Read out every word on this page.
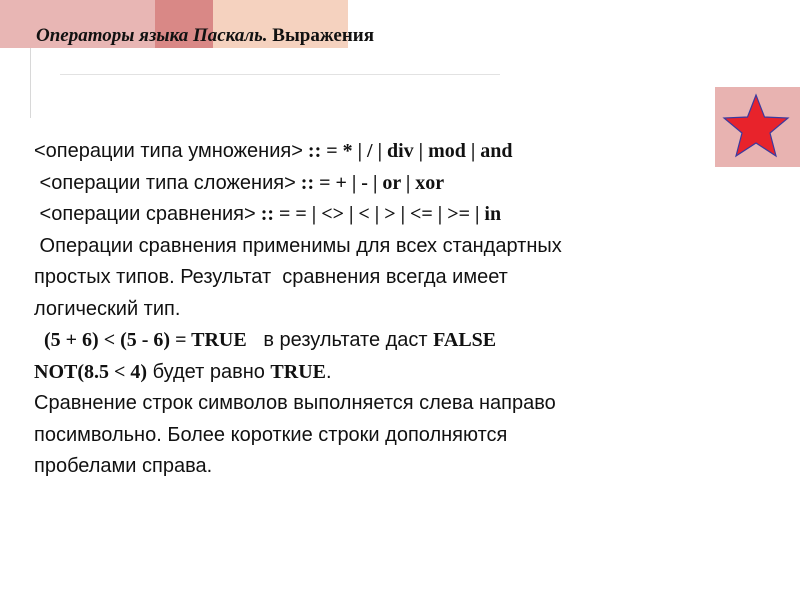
Операторы языка Паскаль. Выражения
<операции типа умножения> :: = * | / | div | mod | and
<операции типа сложения> :: = + | - | or | xor
<операции сравнения> :: = = | <> | < | > | <= | >= | in
Операции сравнения применимы для всех стандартных
простых типов. Результат  сравнения всегда имеет
логический тип.
(5 + 6) < (5 - 6) = TRUE   в результате даст FALSE
NOT(8.5 < 4) будет равно TRUE.
Сравнение строк символов выполняется слева направо
посимвольно. Более короткие строки дополняются
пробелами справа.
